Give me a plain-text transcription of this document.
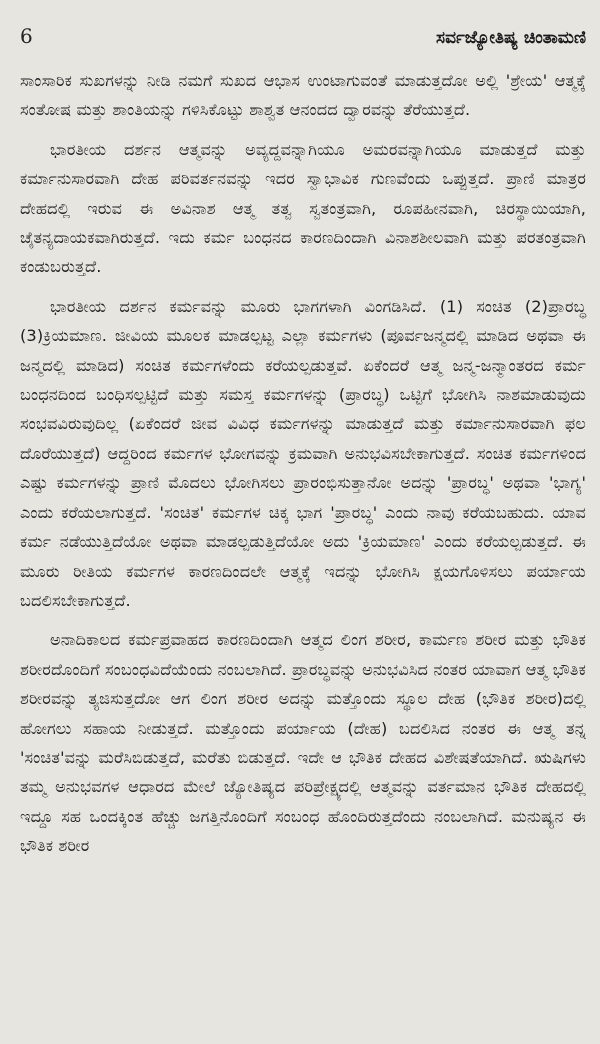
6	ಸರ್ವಜ್ಯೋತಿಷ್ಯ ಚಿಂತಾಮಣಿ

ಸಾಂಸಾರಿಕ ಸುಖಗಳನ್ನು ನೀಡಿ ನಮಗೆ ಸುಖದ ಆಭಾಸ ಉಂಟಾಗುವಂತೆ ಮಾಡುತ್ತದೋ ಅಲ್ಲಿ 'ಶ್ರೇಯ' ಆತ್ಮಕ್ಕೆ ಸಂತೋಷ ಮತ್ತು ಶಾಂತಿಯನ್ನು ಗಳಿಸಿಕೊಟ್ಟು ಶಾಶ್ವತ ಆನಂದದ ದ್ವಾರವನ್ನು ತೆರೆಯುತ್ತದೆ.

ಭಾರತೀಯ ದರ್ಶನ ಆತ್ಮವನ್ನು ಅವ್ಯದ್ದವನ್ನಾಗಿಯೂ ಅಮರವನ್ನಾಗಿಯೂ ಮಾಡುತ್ತದೆ ಮತ್ತು ಕರ್ಮಾನುಸಾರವಾಗಿ ದೇಹ ಪರಿವರ್ತನವನ್ನು ಇದರ ಸ್ವಾಭಾವಿಕ ಗುಣವೆಂದು ಒಪ್ಪುತ್ತದೆ. ಪ್ರಾಣಿ ಮಾತ್ರರ ದೇಹದಲ್ಲಿ ಇರುವ ಈ ಅವಿನಾಶ ಆತ್ಮ ತತ್ವ ಸ್ವತಂತ್ರವಾಗಿ, ರೂಪಹೀನವಾಗಿ, ಚಿರಸ್ಥಾಯಿಯಾಗಿ, ಚೈತನ್ಯದಾಯಕವಾಗಿರುತ್ತದೆ. ಇದು ಕರ್ಮ ಬಂಧನದ ಕಾರಣದಿಂದಾಗಿ ವಿನಾಶಶೀಲವಾಗಿ ಮತ್ತು ಪರತಂತ್ರವಾಗಿ ಕಂಡುಬರುತ್ತದೆ.

ಭಾರತೀಯ ದರ್ಶನ ಕರ್ಮವನ್ನು ಮೂರು ಭಾಗಗಳಾಗಿ ವಿಂಗಡಿಸಿದೆ. (1) ಸಂಚಿತ (2)ಪ್ರಾರಬ್ಧ (3)ಕ್ರಿಯಮಾಣ. ಜೀವಿಯ ಮೂಲಕ ಮಾಡಲ್ಪಟ್ಟ ಎಲ್ಲಾ ಕರ್ಮಗಳು (ಪೂರ್ವಜನ್ಮದಲ್ಲಿ ಮಾಡಿದ ಅಥವಾ ಈ ಜನ್ಮದಲ್ಲಿ ಮಾಡಿದ) ಸಂಚಿತ ಕರ್ಮಗಳೆಂದು ಕರೆಯಲ್ಪಡುತ್ತವೆ. ಏಕೆಂದರೆ ಆತ್ಮ ಜನ್ಮ-ಜನ್ಮಾಂತರದ ಕರ್ಮ ಬಂಧನದಿಂದ ಬಂಧಿಸಲ್ಪಟ್ಟಿದೆ ಮತ್ತು ಸಮಸ್ತ ಕರ್ಮಗಳನ್ನು (ಪ್ರಾರಬ್ಧ) ಒಟ್ಟಿಗೆ ಭೋಗಿಸಿ ನಾಶಮಾಡುವುದು ಸಂಭವವಿರುವುದಿಲ್ಲ (ಏಕೆಂದರೆ ಜೀವ ವಿವಿಧ ಕರ್ಮಗಳನ್ನು ಮಾಡುತ್ತದೆ ಮತ್ತು ಕರ್ಮಾನುಸಾರವಾಗಿ ಫಲ ದೊರೆಯುತ್ತದೆ) ಆದ್ದರಿಂದ ಕರ್ಮಗಳ ಭೋಗವನ್ನು ಕ್ರಮವಾಗಿ ಅನುಭವಿಸಬೇಕಾಗುತ್ತದೆ. ಸಂಚಿತ ಕರ್ಮಗಳಿಂದ ಎಷ್ಟು ಕರ್ಮಗಳನ್ನು ಪ್ರಾಣಿ ಮೊದಲು ಭೋಗಿಸಲು ಪ್ರಾರಂಭಿಸುತ್ತಾನೋ ಅದನ್ನು 'ಪ್ರಾರಬ್ಧ' ಅಥವಾ 'ಭಾಗ್ಯ' ಎಂದು ಕರೆಯಲಾಗುತ್ತದೆ. 'ಸಂಚಿತ' ಕರ್ಮಗಳ ಚಿಕ್ಕ ಭಾಗ 'ಪ್ರಾರಬ್ಧ' ಎಂದು ನಾವು ಕರೆಯಬಹುದು. ಯಾವ ಕರ್ಮ ನಡೆಯುತ್ತಿದೆಯೋ ಅಥವಾ ಮಾಡಲ್ಪಡುತ್ತಿದೆಯೋ ಅದು 'ಕ್ರಿಯಮಾಣ' ಎಂದು ಕರೆಯಲ್ಪಡುತ್ತದೆ. ಈ ಮೂರು ರೀತಿಯ ಕರ್ಮಗಳ ಕಾರಣದಿಂದಲೇ ಆತ್ಮಕ್ಕೆ ಇದನ್ನು ಭೋಗಿಸಿ ಕ್ಷಯಗೊಳಿಸಲು ಪರ್ಯಾಯ ಬದಲಿಸಬೇಕಾಗುತ್ತದೆ.

ಅನಾದಿಕಾಲದ ಕರ್ಮಪ್ರವಾಹದ ಕಾರಣದಿಂದಾಗಿ ಆತ್ಮದ ಲಿಂಗ ಶರೀರ, ಕಾರ್ಮಣ ಶರೀರ ಮತ್ತು ಭೌತಿಕ ಶರೀರದೊಂದಿಗೆ ಸಂಬಂಧವಿದೆಯೆಂದು ನಂಬಲಾಗಿದೆ. ಪ್ರಾರಬ್ಧವನ್ನು ಅನುಭವಿಸಿದ ನಂತರ ಯಾವಾಗ ಆತ್ಮ ಭೌತಿಕ ಶರೀರವನ್ನು ತ್ಯಜಿಸುತ್ತದೋ ಆಗ ಲಿಂಗ ಶರೀರ ಅದನ್ನು ಮತ್ತೊಂದು ಸ್ಥೂಲ ದೇಹ (ಭೌತಿಕ ಶರೀರ)ದಲ್ಲಿ ಹೋಗಲು ಸಹಾಯ ನೀಡುತ್ತದೆ. ಮತ್ತೊಂದು ಪರ್ಯಾಯ (ದೇಹ) ಬದಲಿಸಿದ ನಂತರ ಈ ಆತ್ಮ ತನ್ನ 'ಸಂಚಿತ'ವನ್ನು ಮರೆಸಿಬಿಡುತ್ತದೆ, ಮರೆತು ಬಿಡುತ್ತದೆ. ಇದೇ ಆ ಭೌತಿಕ ದೇಹದ ವಿಶೇಷತೆಯಾಗಿದೆ. ಋಷಿಗಳು ತಮ್ಮ ಅನುಭವಗಳ ಆಧಾರದ ಮೇಲೆ ಜ್ಯೋತಿಷ್ಯದ ಪರಿಪ್ರೇಕ್ಷ್ಯದಲ್ಲಿ ಆತ್ಮವನ್ನು ವರ್ತಮಾನ ಭೌತಿಕ ದೇಹದಲ್ಲಿ ಇದ್ದೂ ಸಹ ಒಂದಕ್ಕಿಂತ ಹೆಚ್ಚು ಜಗತ್ತಿನೊಂದಿಗೆ ಸಂಬಂಧ ಹೊಂದಿರುತ್ತದೆಂದು ನಂಬಲಾಗಿದೆ. ಮನುಷ್ಯನ ಈ ಭೌತಿಕ ಶರೀರ
